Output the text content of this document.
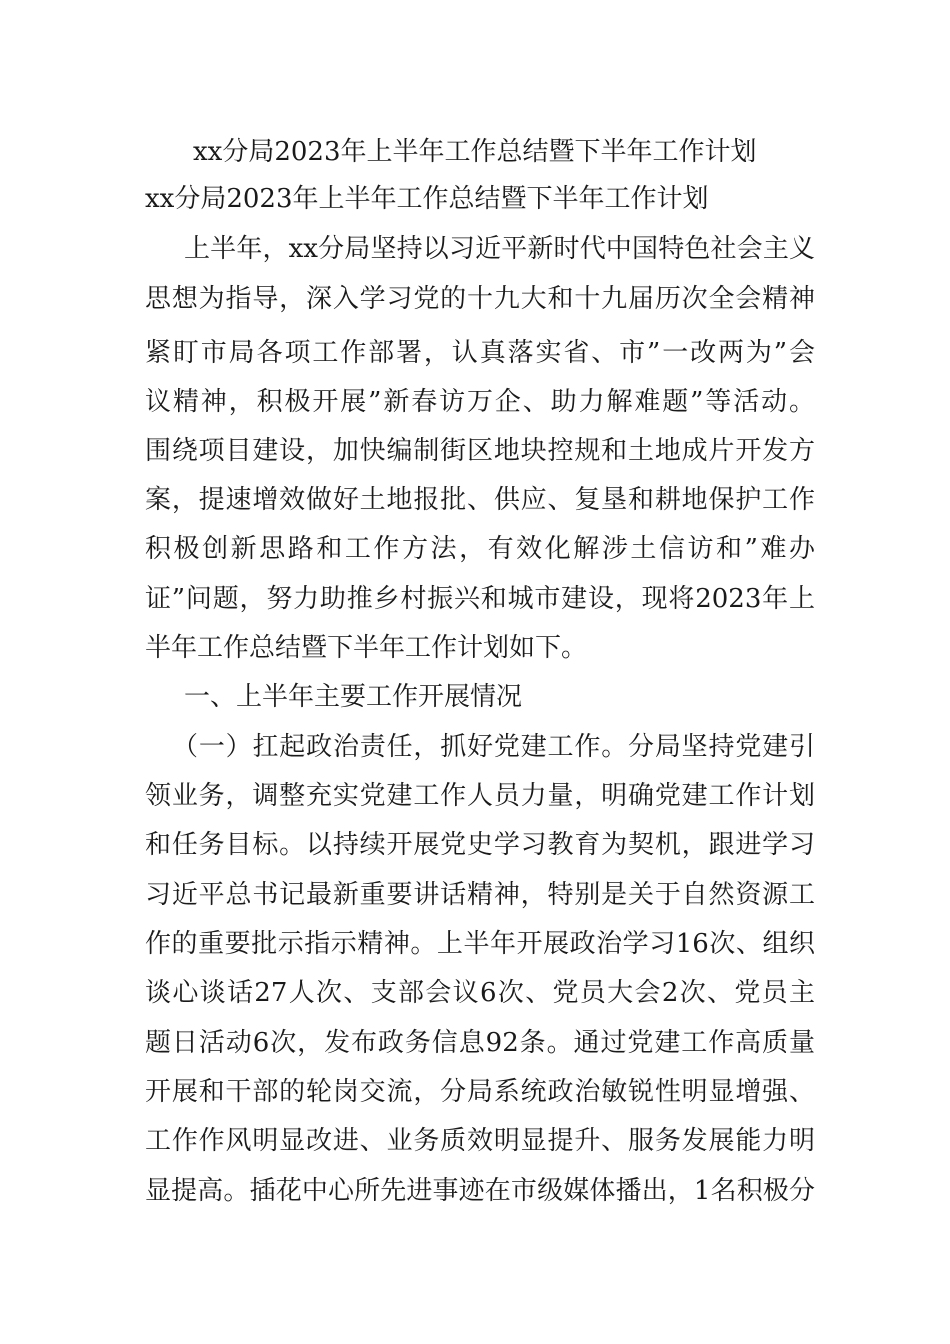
xx分局2023年上半年工作总结暨下半年工作计划
xx分局2023年上半年工作总结暨下半年工作计划

上半年，xx分局坚持以习近平新时代中国特色社会主义

思想为指导，深入学习党的十九大和十九届历次全会精神

紧盯市局各项工作部署，认真落实省、市”一改两为”会

议精神，积极开展”新春访万企、助力解难题”等活动。

围绕项目建设，加快编制街区地块控规和土地成片开发方

案，提速增效做好土地报批、供应、复垦和耕地保护工作

积极创新思路和工作方法，有效化解涉土信访和”难办

证”问题，努力助推乡村振兴和城市建设，现将2023年上

半年工作总结暨下半年工作计划如下。

一、上半年主要工作开展情况

（一）扛起政治责任，抓好党建工作。分局坚持党建引

领业务，调整充实党建工作人员力量，明确党建工作计划

和任务目标。以持续开展党史学习教育为契机，跟进学习

习近平总书记最新重要讲话精神，特别是关于自然资源工

作的重要批示指示精神。上半年开展政治学习16次、组织

谈心谈话27人次、支部会议6次、党员大会2次、党员主

题日活动6次，发布政务信息92条。通过党建工作高质量

开展和干部的轮岗交流，分局系统政治敏锐性明显增强、

工作作风明显改进、业务质效明显提升、服务发展能力明

显提高。插花中心所先进事迹在市级媒体播出，1名积极分
